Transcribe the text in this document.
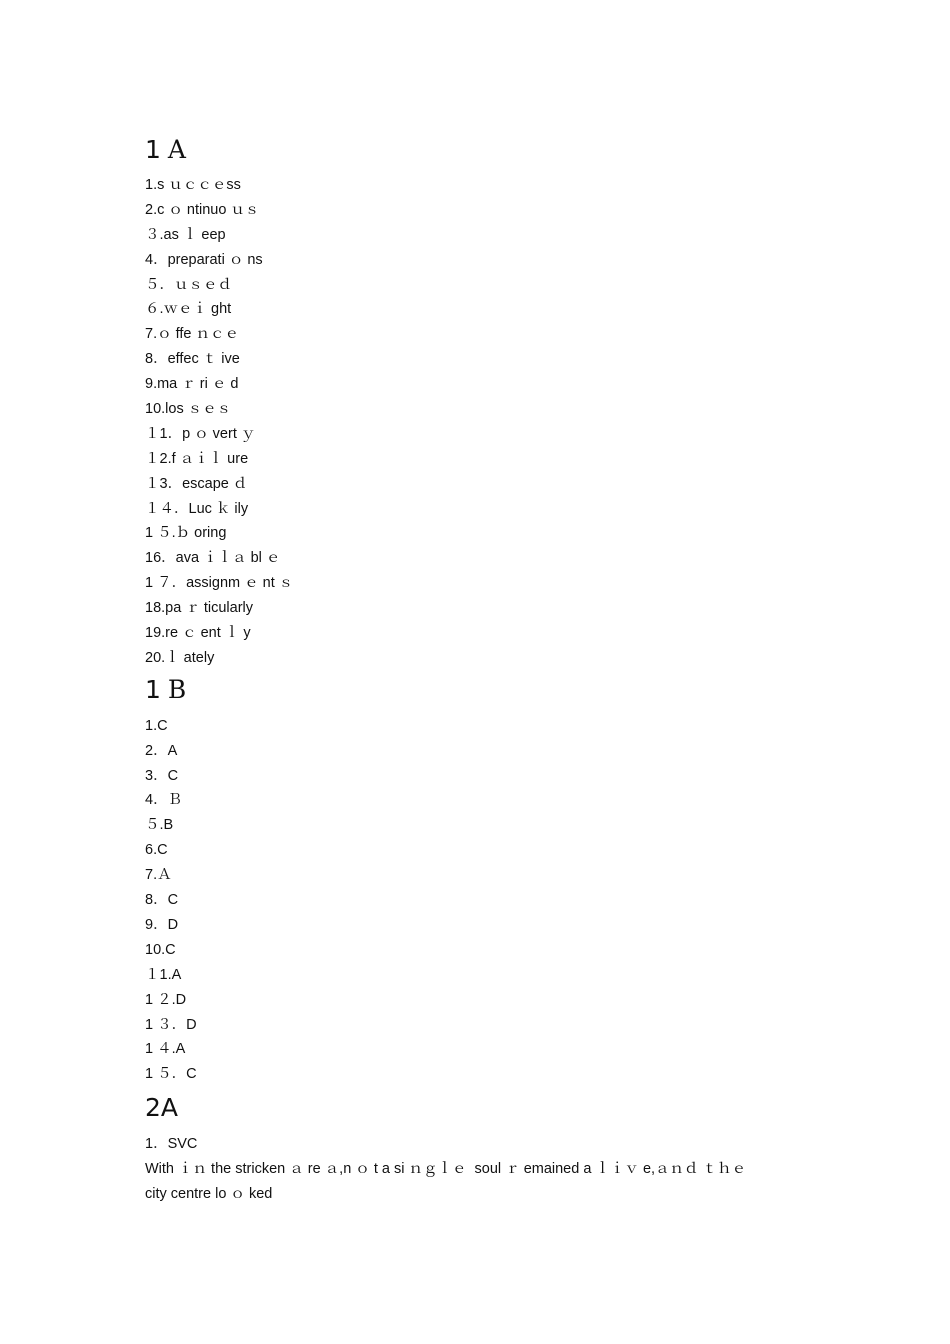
1 A
1.s ｕｃｃｅss
2.c ｏ ntinuo ｕｓ
３.as ｌ eep
4．preparati ｏ ns
５．ｕｓｅｄ
６.ｗｅｉ ght
7.ｏ ffe ｎｃｅ
8．effec ｔ ive
9.ma ｒ ri ｅ d
10.los ｓｅｓ
１1．p ｏ vert ｙ
１2.f ａｉｌ ure
１3．escape ｄ
１４．Luc ｋ ily
1 ５.ｂ oring
16．ava ｉｌａ bl ｅ
1 ７．assignm ｅ nt ｓ
18.pa ｒ ticularly
19.re ｃ ent ｌ y
20.ｌ ately
1 B
1.C
2．A
3．C
4．Ｂ
５.B
6.C
7.Ａ
8．C
9．D
10.C
１1.A
1 ２.D
1 ３．D
1 ４.A
1 ５．C
2A
1．SVC

With ｉｎ the stricken ａ re ａ,n ｏ t a si ｎｇｌｅ  soul ｒ emained a ｌｉｖ e,ａｎｄ ｔｈｅ

city centre lo ｏ ked
